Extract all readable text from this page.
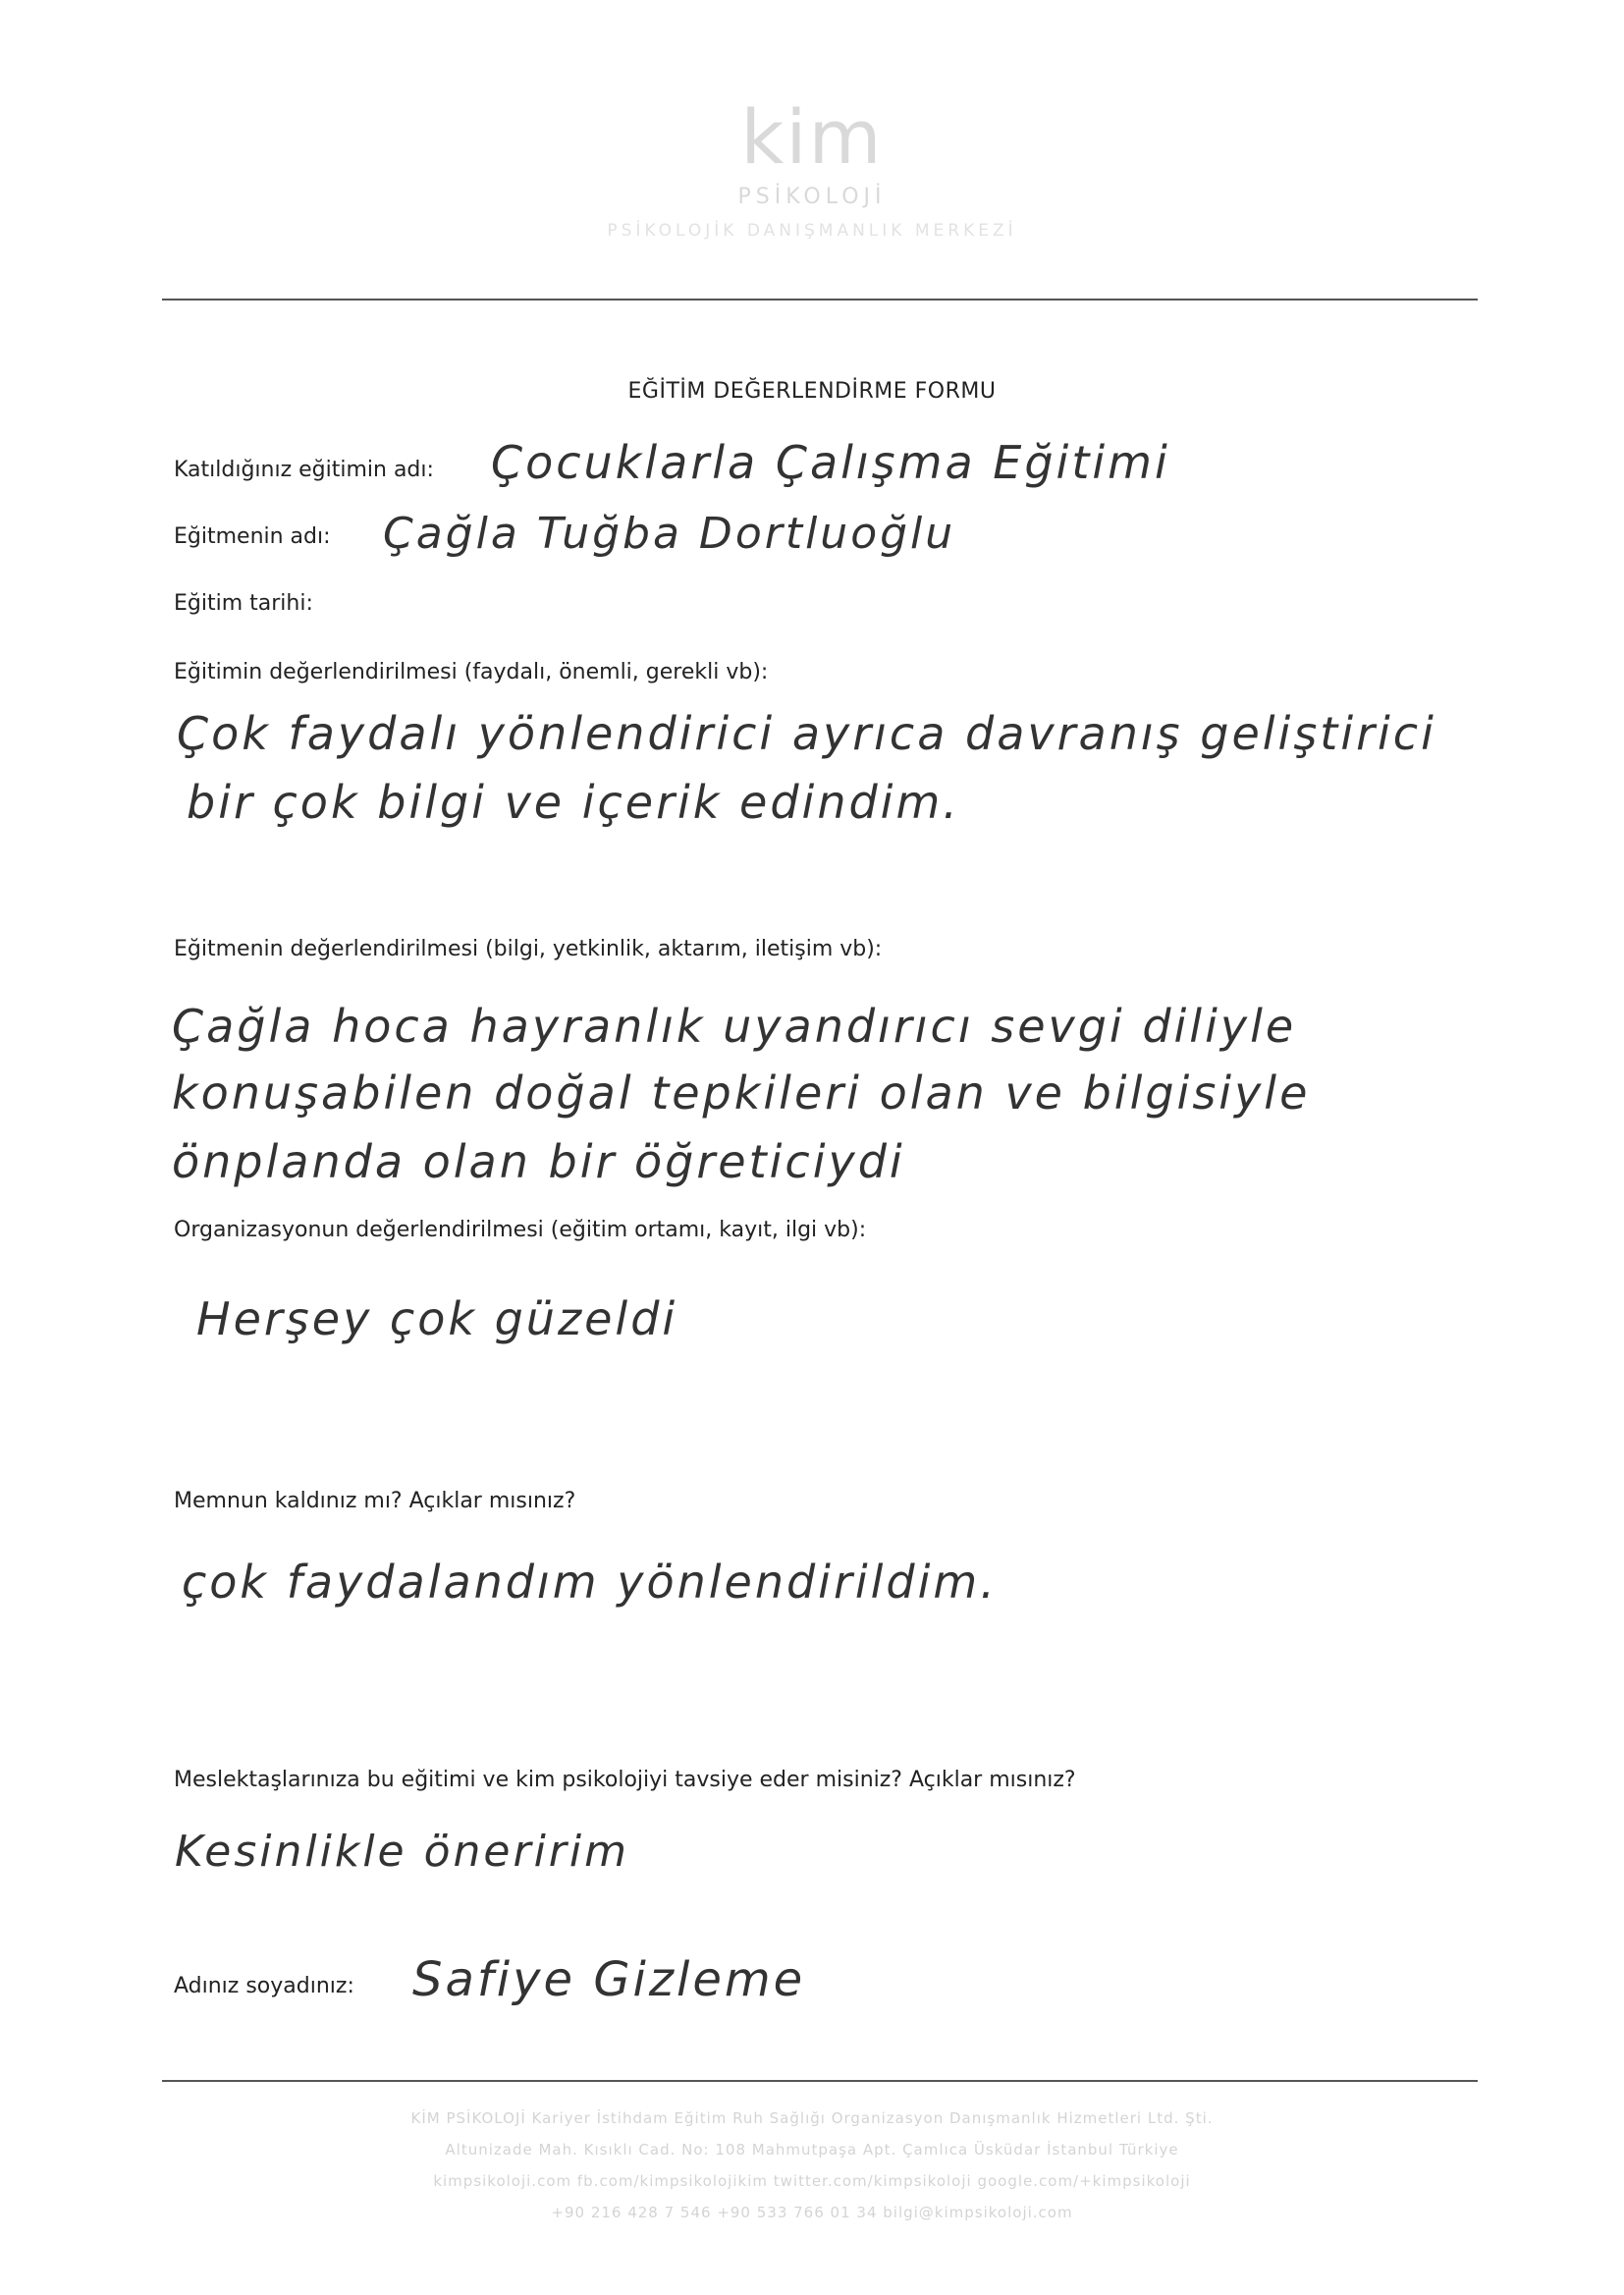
kim
PSİKOLOJİ
PSİKOLOJİK DANIŞMANLIK MERKEZİ
EĞİTİM DEĞERLENDİRME FORMU
Katıldığınız eğitimin adı: Çocuklarla Çalışma Eğitimi
Eğitmenin adı: Çağla Tuğba Dortluoğlu
Eğitim tarihi:
Eğitimin değerlendirilmesi (faydalı, önemli, gerekli vb):
Çok faydalı yönlendirici ayrıca davranış geliştirici
bir çok bilgi ve içerik edindim.
Eğitmenin değerlendirilmesi (bilgi, yetkinlik, aktarım, iletişim vb):
Çağla hoca hayranlık uyandırıcı sevgi diliyle
konuşabilen doğal tepkileri olan ve bilgisiyle
önplanda olan bir öğreticiydi
Organizasyonun değerlendirilmesi (eğitim ortamı, kayıt, ilgi vb):
Herşey çok güzeldi
Memnun kaldınız mı? Açıklar mısınız?
çok faydalandım yönlendirildim.
Meslektaşlarınıza bu eğitimi ve kim psikolojiyi tavsiye eder misiniz? Açıklar mısınız?
Kesinlikle öneririm
Adınız soyadınız: Safiye Gizleme
KİM PSİKOLOJİ Kariyer İstihdam Eğitim Ruh Sağlığı Organizasyon Danışmanlık Hizmetleri Ltd. Şti.
Altunizade Mah. Kısıklı Cad. No: 108 Mahmutpaşa Apt. Çamlıca Üsküdar İstanbul Türkiye
kimpsikoloji.com fb.com/kimpsikolojikim twitter.com/kimpsikoloji google.com/+kimpsikoloji
+90 216 428 7 546 +90 533 766 01 34 bilgi@kimpsikoloji.com
